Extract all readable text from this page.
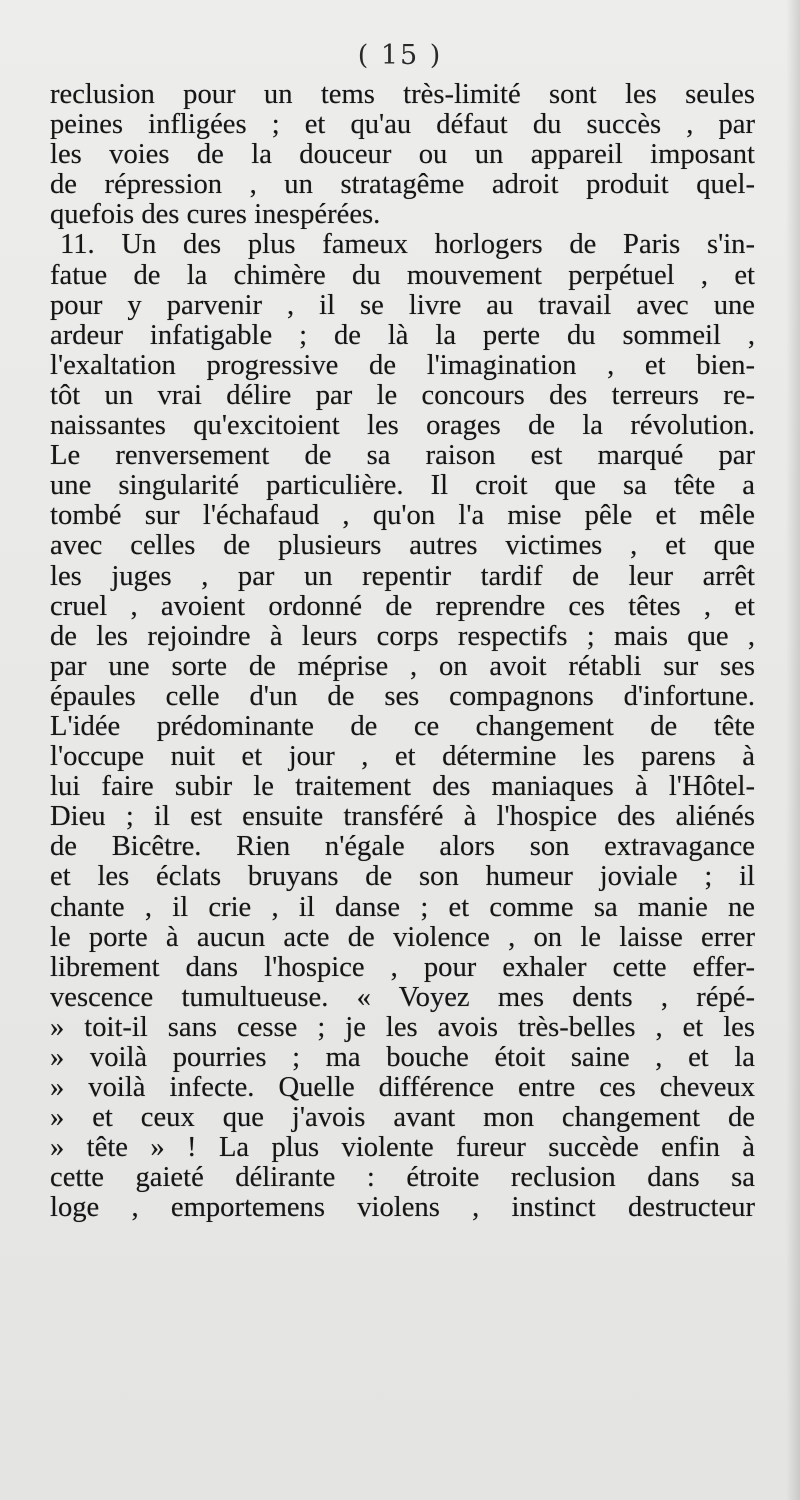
( 15 )
reclusion pour un tems très-limité sont les seules
peines infligées ; et qu'au défaut du succès , par
les voies de la douceur ou un appareil imposant
de répression , un stratagême adroit produit quel-
quefois des cures inespérées.
11. Un des plus fameux horlogers de Paris s'in-
fatue de la chimère du mouvement perpétuel , et
pour y parvenir , il se livre au travail avec une
ardeur infatigable ; de là la perte du sommeil ,
l'exaltation progressive de l'imagination , et bien-
tôt un vrai délire par le concours des terreurs re-
naissantes qu'excitoient les orages de la révolution.
Le renversement de sa raison est marqué par
une singularité particulière. Il croit que sa tête a
tombé sur l'échafaud , qu'on l'a mise pêle et mêle
avec celles de plusieurs autres victimes , et que
les juges , par un repentir tardif de leur arrêt
cruel , avoient ordonné de reprendre ces têtes , et
de les rejoindre à leurs corps respectifs ; mais que ,
par une sorte de méprise , on avoit rétabli sur ses
épaules celle d'un de ses compagnons d'infortune.
L'idée prédominante de ce changement de tête
l'occupe nuit et jour , et détermine les parens à
lui faire subir le traitement des maniaques à l'Hôtel-
Dieu ; il est ensuite transféré à l'hospice des aliénés
de Bicêtre. Rien n'égale alors son extravagance
et les éclats bruyans de son humeur joviale ; il
chante , il crie , il danse ; et comme sa manie ne
le porte à aucun acte de violence , on le laisse errer
librement dans l'hospice , pour exhaler cette effer-
vescence tumultueuse. « Voyez mes dents , répé-
» toit-il sans cesse ; je les avois très-belles , et les
» voilà pourries ; ma bouche étoit saine , et la
» voilà infecte. Quelle différence entre ces cheveux
» et ceux que j'avois avant mon changement de
» tête » ! La plus violente fureur succède enfin à
cette gaieté délirante : étroite reclusion dans sa
loge , emportemens violens , instinct destructeur
